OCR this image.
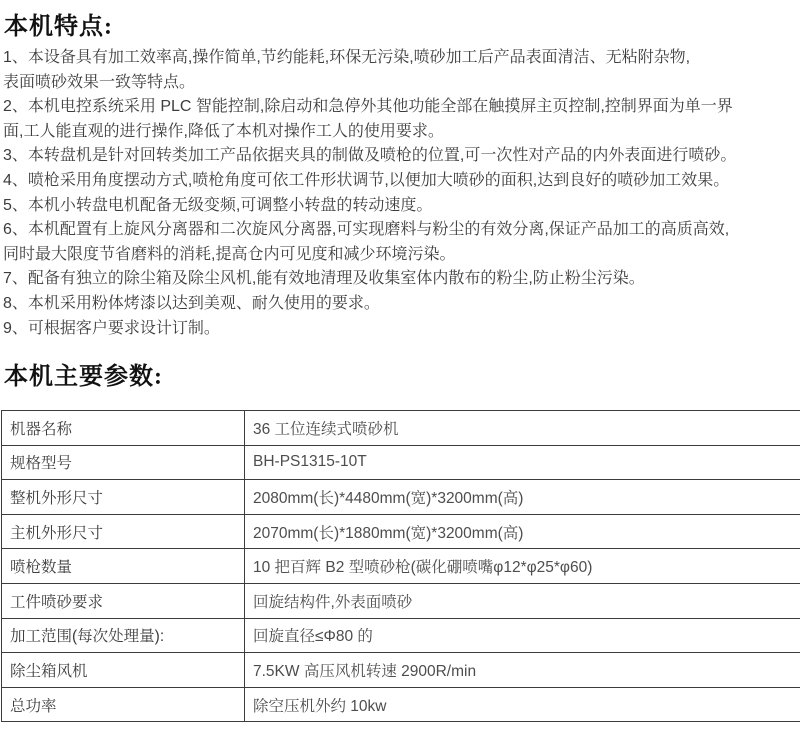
本机特点:
1、本设备具有加工效率高,操作简单,节约能耗,环保无污染,喷砂加工后产品表面清洁、无粘附杂物,
表面喷砂效果一致等特点。
2、本机电控系统采用 PLC 智能控制,除启动和急停外其他功能全部在触摸屏主页控制,控制界面为单一界
面,工人能直观的进行操作,降低了本机对操作工人的使用要求。
3、本转盘机是针对回转类加工产品依据夹具的制做及喷枪的位置,可一次性对产品的内外表面进行喷砂。
4、喷枪采用角度摆动方式,喷枪角度可依工件形状调节,以便加大喷砂的面积,达到良好的喷砂加工效果。
5、本机小转盘电机配备无级变频,可调整小转盘的转动速度。
6、本机配置有上旋风分离器和二次旋风分离器,可实现磨料与粉尘的有效分离,保证产品加工的高质高效,
同时最大限度节省磨料的消耗,提高仓内可见度和减少环境污染。
7、配备有独立的除尘箱及除尘风机,能有效地清理及收集室体内散布的粉尘,防止粉尘污染。
8、本机采用粉体烤漆以达到美观、耐久使用的要求。
9、可根据客户要求设计订制。
本机主要参数:
机器名称	36 工位连续式喷砂机
规格型号	BH-PS1315-10T
整机外形尺寸	2080mm(长)*4480mm(宽)*3200mm(高)
主机外形尺寸	2070mm(长)*1880mm(宽)*3200mm(高)
喷枪数量	10 把百辉 B2 型喷砂枪(碳化硼喷嘴φ12*φ25*φ60)
工件喷砂要求	回旋结构件,外表面喷砂
加工范围(每次处理量):	回旋直径≤Φ80 的
除尘箱风机	7.5KW 高压风机转速 2900R/min
总功率	除空压机外约 10kw
